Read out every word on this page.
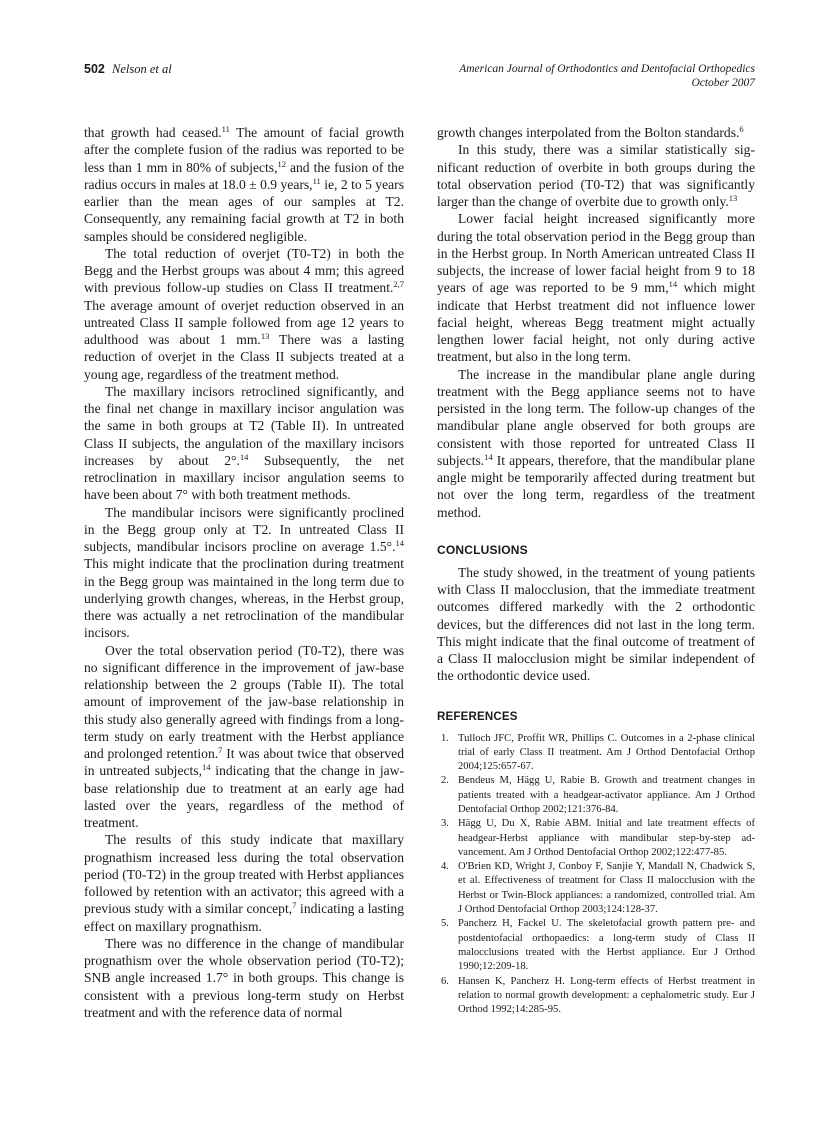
502 Nelson et al	American Journal of Orthodontics and Dentofacial Orthopedics
October 2007

that growth had ceased.$^{11}$ The amount of facial growth after the complete fusion of the radius was reported to be less than 1 mm in 80% of subjects,$^{12}$ and the fusion of the radius occurs in males at 18.0 ± 0.9 years,$^{11}$ ie, 2 to 5 years earlier than the mean ages of our samples at T2. Consequently, any remaining facial growth at T2 in both samples should be considered negligible.

The total reduction of overjet (T0-T2) in both the Begg and the Herbst groups was about 4 mm; this agreed with previous follow-up studies on Class II treatment.$^{2,7}$ The average amount of overjet reduction observed in an untreated Class II sample followed from age 12 years to adulthood was about 1 mm.$^{13}$ There was a lasting reduction of overjet in the Class II subjects treated at a young age, regardless of the treatment method.

The maxillary incisors retroclined significantly, and the final net change in maxillary incisor angulation was the same in both groups at T2 (Table II). In untreated Class II subjects, the angulation of the maxillary incisors increases by about 2°.$^{14}$ Subsequently, the net retroclination in maxillary incisor angulation seems to have been about 7° with both treatment methods.

The mandibular incisors were significantly proclined in the Begg group only at T2. In untreated Class II subjects, mandibular incisors procline on average 1.5°.$^{14}$ This might indicate that the proclination during treatment in the Begg group was maintained in the long term due to underlying growth changes, whereas, in the Herbst group, there was actually a net retroclination of the mandibular incisors.

Over the total observation period (T0-T2), there was no significant difference in the improvement of jaw-base relationship between the 2 groups (Table II). The total amount of improvement of the jaw-base relationship in this study also generally agreed with findings from a long-term study on early treatment with the Herbst appliance and prolonged retention.$^7$ It was about twice that observed in untreated subjects,$^{14}$ indicating that the change in jaw-base relationship due to treatment at an early age had lasted over the years, regardless of the method of treatment.

The results of this study indicate that maxillary prognathism increased less during the total observation period (T0-T2) in the group treated with Herbst appliances followed by retention with an activator; this agreed with a previous study with a similar concept,$^7$ indicating a lasting effect on maxillary prognathism.

There was no difference in the change of mandibular prognathism over the whole observation period (T0-T2); SNB angle increased 1.7° in both groups. This change is consistent with a previous long-term study on Herbst treatment and with the reference data of normal

growth changes interpolated from the Bolton standards.$^6$

In this study, there was a similar statistically significant reduction of overbite in both groups during the total observation period (T0-T2) that was significantly larger than the change of overbite due to growth only.$^{13}$

Lower facial height increased significantly more during the total observation period in the Begg group than in the Herbst group. In North American untreated Class II subjects, the increase of lower facial height from 9 to 18 years of age was reported to be 9 mm,$^{14}$ which might indicate that Herbst treatment did not influence lower facial height, whereas Begg treatment might actually lengthen lower facial height, not only during active treatment, but also in the long term.

The increase in the mandibular plane angle during treatment with the Begg appliance seems not to have persisted in the long term. The follow-up changes of the mandibular plane angle observed for both groups are consistent with those reported for untreated Class II subjects.$^{14}$ It appears, therefore, that the mandibular plane angle might be temporarily affected during treatment but not over the long term, regardless of the treatment method.

CONCLUSIONS

The study showed, in the treatment of young patients with Class II malocclusion, that the immediate treatment outcomes differed markedly with the 2 orthodontic devices, but the differences did not last in the long term. This might indicate that the final outcome of treatment of a Class II malocclusion might be similar independent of the orthodontic device used.

REFERENCES
1. Tulloch JFC, Proffit WR, Phillips C. Outcomes in a 2-phase clinical trial of early Class II treatment. Am J Orthod Dentofacial Orthop 2004;125:657-67.
2. Bendeus M, Hägg U, Rabie B. Growth and treatment changes in patients treated with a headgear-activator appliance. Am J Orthod Dentofacial Orthop 2002;121:376-84.
3. Hägg U, Du X, Rabie ABM. Initial and late treatment effects of headgear-Herbst appliance with mandibular step-by-step advancement. Am J Orthod Dentofacial Orthop 2002;122:477-85.
4. O'Brien KD, Wright J, Conboy F, Sanjie Y, Mandall N, Chadwick S, et al. Effectiveness of treatment for Class II malocclusion with the Herbst or Twin-Block appliances: a randomized, controlled trial. Am J Orthod Dentofacial Orthop 2003;124:128-37.
5. Pancherz H, Fackel U. The skeletofacial growth pattern pre- and postdentofacial orthopaedics: a long-term study of Class II malocclusions treated with the Herbst appliance. Eur J Orthod 1990;12:209-18.
6. Hansen K, Pancherz H. Long-term effects of Herbst treatment in relation to normal growth development: a cephalometric study. Eur J Orthod 1992;14:285-95.
